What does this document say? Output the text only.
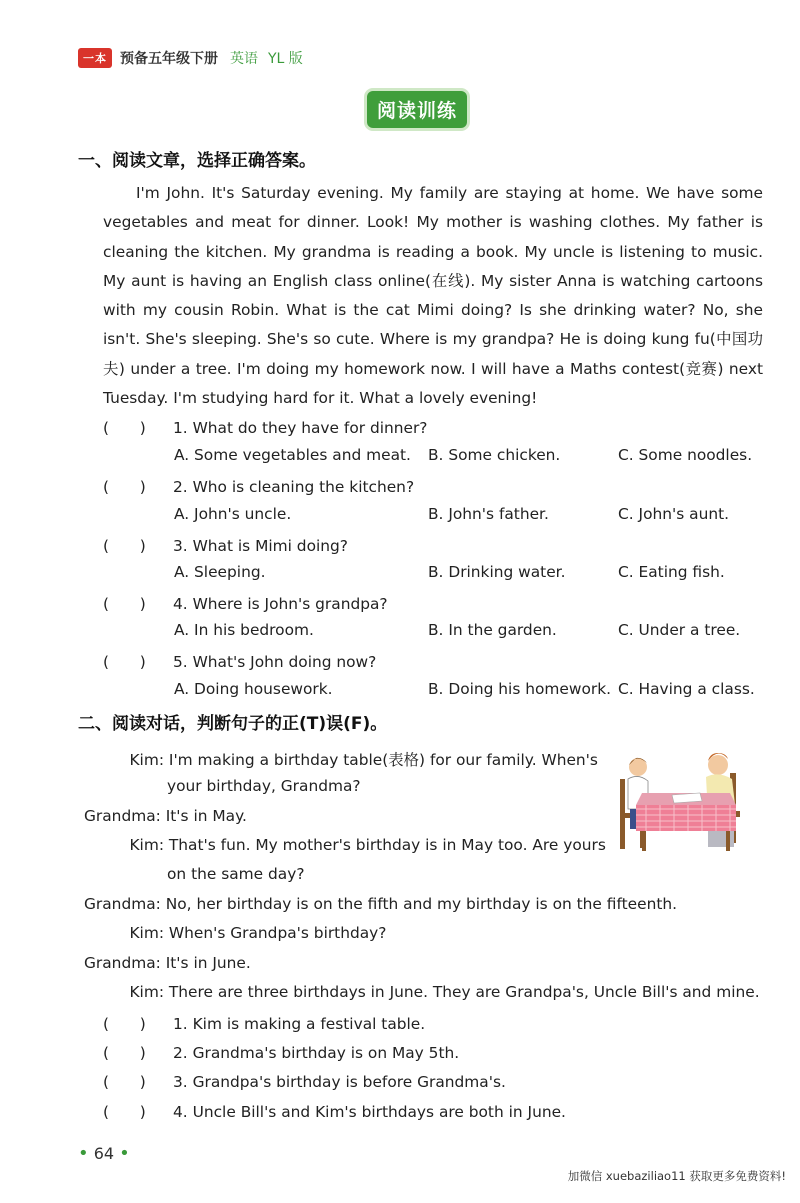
一本 预备五年级下册 英语 YL 版
阅读训练
一、阅读文章，选择正确答案。

I'm John. It's Saturday evening. My family are staying at home. We have some vegetables and meat for dinner. Look! My mother is washing clothes. My father is cleaning the kitchen. My grandma is reading a book. My uncle is listening to music. My aunt is having an English class online(在线). My sister Anna is watching cartoons with my cousin Robin. What is the cat Mimi doing? Is she drinking water? No, she isn't. She's sleeping. She's so cute. Where is my grandpa? He is doing kung fu(中国功夫) under a tree. I'm doing my homework now. I will have a Maths contest(竞赛) next Tuesday. I'm studying hard for it. What a lovely evening!

(　　) 1. What do they have for dinner?
A. Some vegetables and meat. B. Some chicken.	C. Some noodles.
(　　) 2. Who is cleaning the kitchen?
A. John's uncle.	B. John's father.	C. John's aunt.
(　　) 3. What is Mimi doing?
A. Sleeping.	B. Drinking water.	C. Eating fish.
(　　) 4. Where is John's grandpa?
A. In his bedroom.	B. In the garden.	C. Under a tree.
(　　) 5. What's John doing now?
A. Doing housework.	B. Doing his homework. C. Having a class.
二、阅读对话，判断句子的正(T)误(F)。
Kim: I'm making a birthday table(表格) for our family. When's
your birthday, Grandma?
Grandma: It's in May.
Kim: That's fun. My mother's birthday is in May too. Are yours
on the same day?
Grandma: No, her birthday is on the fifth and my birthday is on the fifteenth.
Kim: When's Grandpa's birthday?
Grandma: It's in June.
Kim: There are three birthdays in June. They are Grandpa's, Uncle Bill's and mine.
(　　) 1. Kim is making a festival table.
(　　) 2. Grandma's birthday is on May 5th.
(　　) 3. Grandpa's birthday is before Grandma's.
(　　) 4. Uncle Bill's and Kim's birthdays are both in June.
• 64 •
加微信 xuebaziliao11 获取更多免费资料!
